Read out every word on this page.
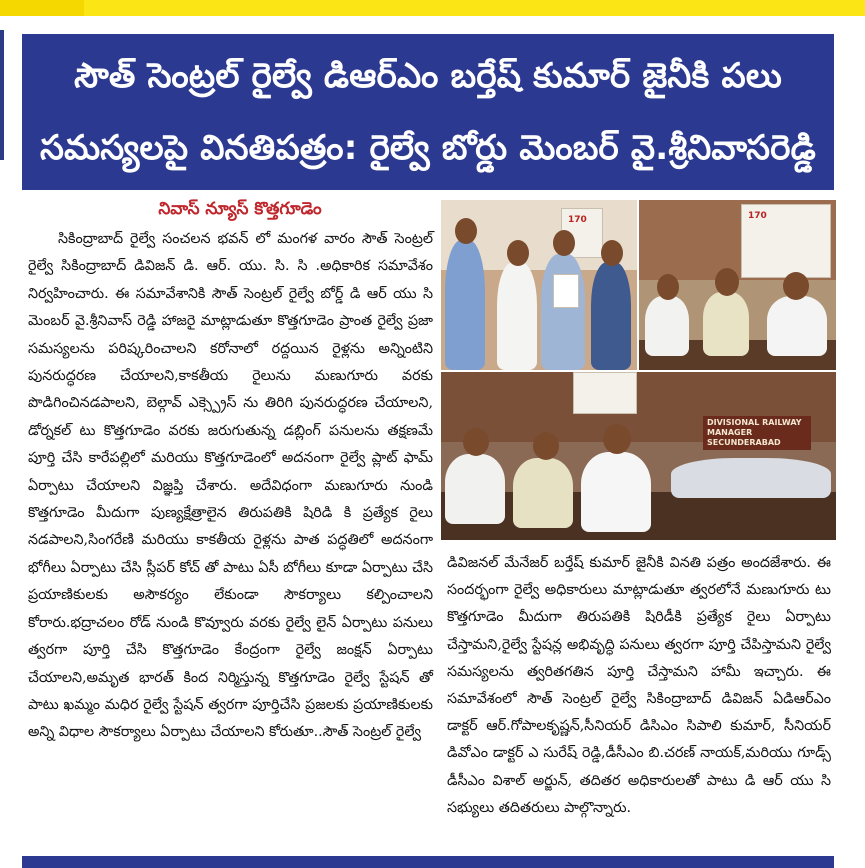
సౌత్ సెంట్రల్ రైల్వే డిఆర్ఎం బర్తేష్ కుమార్ జైనీకి పలు
సమస్యలపై వినతిపత్రం: రైల్వే బోర్డు మెంబర్ వై.శ్రీనివాసరెడ్డి
నివాస్ న్యూస్ కొత్తగూడెం

సికింద్రాబాద్ రైల్వే సంచలన భవన్ లో మంగళ వారం సౌత్ సెంట్రల్ రైల్వే సికింద్రాబాద్ డివిజన్ డి. ఆర్. యు. సి. సి .అధికారిక సమావేశం నిర్వహించారు. ఈ సమావేశానికి సౌత్ సెంట్రల్ రైల్వే బోర్డ్ డి ఆర్ యు సి మెంబర్ వై.శ్రీనివాస్ రెడ్డి హాజరై మాట్లాడుతూ కొత్తగూడెం ప్రాంత రైల్వే ప్రజా సమస్యలను పరిష్కరించాలని కరోనాలో రద్దయిన రైళ్లను అన్నింటిని పునరుద్ధరణ చేయాలని,కాకతీయ రైలును మణుగూరు వరకు పొడిగించినడపాలని, బెల్గావ్ ఎక్స్ప్రెస్ ను తిరిగి పునరుద్ధరణ చేయాలని, డోర్నకల్ టు కొత్తగూడెం వరకు జరుగుతున్న డబ్లింగ్ పనులను తక్షణమే పూర్తి చేసి కారేపల్లిలో మరియు కొత్తగూడెంలో అదనంగా రైల్వే ప్లాట్ ఫామ్ ఏర్పాటు చేయాలని విజ్ఞప్తి చేశారు. అదేవిధంగా మణుగూరు నుండి కొత్తగూడెం మీదుగా పుణ్యక్షేత్రాలైన తిరుపతికి షిరిడి కి ప్రత్యేక రైలు నడపాలని,సింగరేణి మరియు కాకతీయ రైళ్లను పాత పద్ధతిలో అదనంగా భోగీలు ఏర్పాటు చేసి స్లీపర్ కోచ్ తో పాటు ఏసీ బోగీలు కూడా ఏర్పాటు చేసి ప్రయాణికులకు అసౌకర్యం లేకుండా సౌకర్యాలు కల్పించాలని కోరారు.భద్రాచలం రోడ్ నుండి కొవ్వూరు వరకు రైల్వే లైన్ ఏర్పాటు పనులు త్వరగా పూర్తి చేసి కొత్తగూడెం కేంద్రంగా రైల్వే జంక్షన్ ఏర్పాటు చేయాలని,అమృత భారత్ కింద నిర్మిస్తున్న కొత్తగూడెం రైల్వే స్టేషన్ తో పాటు ఖమ్మం మధిర రైల్వే స్టేషన్ త్వరగా పూర్తిచేసి ప్రజలకు ప్రయాణికులకు అన్ని విధాల సౌకర్యాలు ఏర్పాటు చేయాలని కోరుతూ..సౌత్ సెంట్రల్ రైల్వే

170	170
DIVISIONAL RAILWAY MANAGER SECUNDERABAD

డివిజనల్ మేనేజర్ బర్తేష్ కుమార్ జైనీకి వినతి పత్రం అందజేశారు. ఈ సందర్భంగా రైల్వే అధికారులు మాట్లాడుతూ త్వరలోనే మణుగూరు టు కొత్తగూడెం మీదుగా తిరుపతికి షిరిడీకి ప్రత్యేక రైలు ఏర్పాటు చేస్తామని,రైల్వే స్టేషన్ల అభివృద్ధి పనులు త్వరగా పూర్తి చేపిస్తామని రైల్వే సమస్యలను త్వరితగతిన పూర్తి చేస్తామని హామీ ఇచ్చారు. ఈ సమావేశంలో సౌత్ సెంట్రల్ రైల్వే సికింద్రాబాద్ డివిజన్ ఏడిఆర్ఎం డాక్టర్ ఆర్.గోపాలకృష్ణన్,సీనియర్ డిసిఎం సిపాలి కుమార్, సీనియర్ డివోఎం డాక్టర్ ఎ సురేష్ రెడ్డి,డీసీఎం బి.చరణ్ నాయక్,మరియు గూడ్స్ డీసీఎం విశాల్ అర్జున్, తదితర అధికారులతో పాటు డి ఆర్ యు సి సభ్యులు తదితరులు పాల్గొన్నారు.
